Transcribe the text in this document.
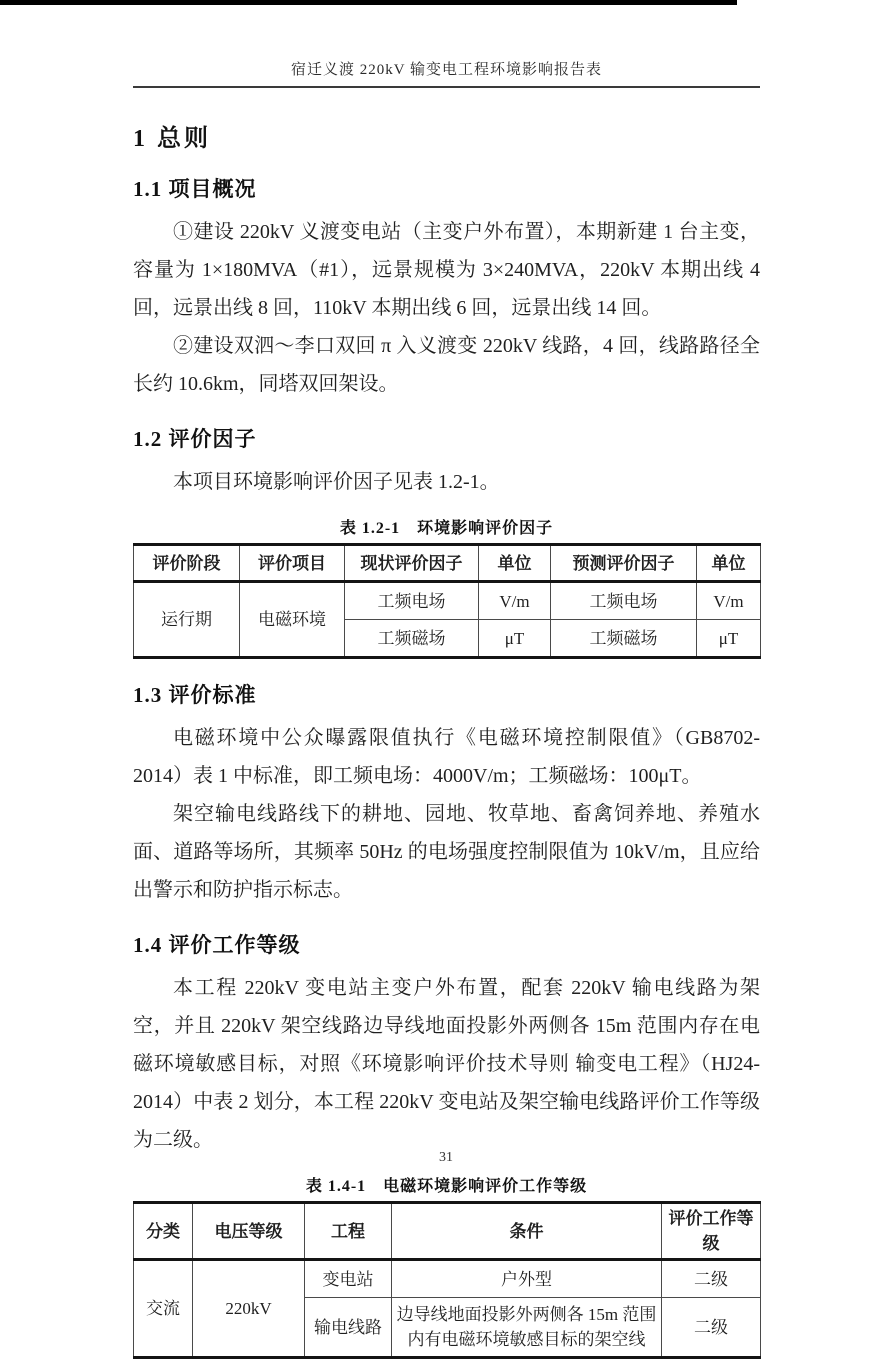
宿迁义渡 220kV 输变电工程环境影响报告表
1 总则
1.1 项目概况

①建设 220kV 义渡变电站（主变户外布置），本期新建 1 台主变，容量为 1×180MVA（#1），远景规模为 3×240MVA，220kV 本期出线 4 回，远景出线 8 回，110kV 本期出线 6 回，远景出线 14 回。

②建设双泗～李口双回 π 入义渡变 220kV 线路，4 回，线路路径全长约 10.6km，同塔双回架设。

1.2 评价因子

本项目环境影响评价因子见表 1.2-1。

表 1.2-1　环境影响评价因子
评价阶段	评价项目	现状评价因子	单位	预测评价因子	单位
运行期	电磁环境	工频电场	V/m	工频电场	V/m
		工频磁场	μT	工频磁场	μT
1.3 评价标准

电磁环境中公众曝露限值执行《电磁环境控制限值》（GB8702-2014）表 1 中标准，即工频电场：4000V/m；工频磁场：100μT。

架空输电线路线下的耕地、园地、牧草地、畜禽饲养地、养殖水面、道路等场所，其频率 50Hz 的电场强度控制限值为 10kV/m，且应给出警示和防护指示标志。

1.4 评价工作等级

本工程 220kV 变电站主变户外布置，配套 220kV 输电线路为架空，并且 220kV 架空线路边导线地面投影外两侧各 15m 范围内存在电磁环境敏感目标，对照《环境影响评价技术导则 输变电工程》（HJ24-2014）中表 2 划分，本工程 220kV 变电站及架空输电线路评价工作等级为二级。

表 1.4-1　电磁环境影响评价工作等级
分类	电压等级	工程	条件	评价工作等级
交流	220kV	变电站	户外型	二级
		输电线路	边导线地面投影外两侧各 15m 范围内有电磁环境敏感目标的架空线	二级
31
